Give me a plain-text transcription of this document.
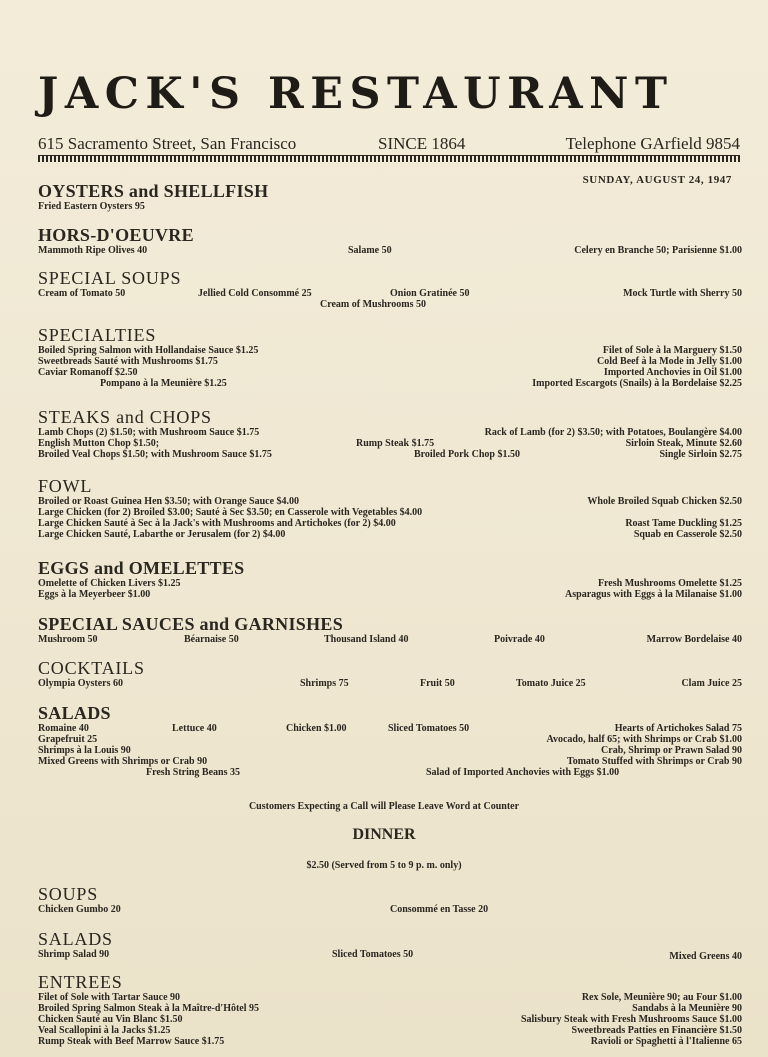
JACK'S RESTAURANT
615 Sacramento Street, San Francisco	SINCE 1864	Telephone GArfield 9854
SUNDAY, AUGUST 24, 1947
OYSTERS and SHELLFISH
Fried Eastern Oysters 95
HORS-D'OEUVRE
Mammoth Ripe Olives 40	Salame 50	Celery en Branche 50; Parisienne $1.00
SPECIAL SOUPS
Cream of Tomato 50	Jellied Cold Consommé 25	Onion Gratinée 50	Mock Turtle with Sherry 50
Cream of Mushrooms 50
SPECIALTIES
Boiled Spring Salmon with Hollandaise Sauce $1.25	Filet of Sole à la Marguery $1.50
Sweetbreads Sauté with Mushrooms $1.75	Cold Beef à la Mode in Jelly $1.00
Caviar Romanoff $2.50	Imported Anchovies in Oil $1.00
Pompano à la Meunière $1.25	Imported Escargots (Snails) à la Bordelaise $2.25
STEAKS and CHOPS
Lamb Chops (2) $1.50; with Mushroom Sauce $1.75	Rack of Lamb (for 2) $3.50; with Potatoes, Boulangère $4.00
English Mutton Chop $1.50;	Rump Steak $1.75	Sirloin Steak, Minute $2.60
Broiled Veal Chops $1.50; with Mushroom Sauce $1.75	Broiled Pork Chop $1.50	Single Sirloin $2.75
FOWL
Broiled or Roast Guinea Hen $3.50; with Orange Sauce $4.00	Whole Broiled Squab Chicken $2.50
Large Chicken (for 2) Broiled $3.00; Sauté à Sec $3.50; en Casserole with Vegetables $4.00
Large Chicken Sauté à Sec à la Jack's with Mushrooms and Artichokes (for 2) $4.00	Roast Tame Duckling $1.25
Large Chicken Sauté, Labarthe or Jerusalem (for 2) $4.00	Squab en Casserole $2.50
EGGS and OMELETTES
Omelette of Chicken Livers $1.25	Fresh Mushrooms Omelette $1.25
Eggs à la Meyerbeer $1.00	Asparagus with Eggs à la Milanaise $1.00
SPECIAL SAUCES and GARNISHES
Mushroom 50	Béarnaise 50	Thousand Island 40	Poivrade 40	Marrow Bordelaise 40
COCKTAILS
Olympia Oysters 60	Shrimps 75	Fruit 50	Tomato Juice 25	Clam Juice 25
SALADS
Romaine 40	Lettuce 40	Chicken $1.00	Sliced Tomatoes 50	Hearts of Artichokes Salad 75
Grapefruit 25	Avocado, half 65; with Shrimps or Crab $1.00
Shrimps à la Louis 90	Crab, Shrimp or Prawn Salad 90
Mixed Greens with Shrimps or Crab 90	Tomato Stuffed with Shrimps or Crab 90
Fresh String Beans 35	Salad of Imported Anchovies with Eggs $1.00
Customers Expecting a Call will Please Leave Word at Counter
DINNER
$2.50 (Served from 5 to 9 p. m. only)
SOUPS
Chicken Gumbo 20	Consommé en Tasse 20
SALADS
Shrimp Salad 90	Sliced Tomatoes 50	Mixed Greens 40
ENTREES
Filet of Sole with Tartar Sauce 90	Rex Sole, Meunière 90; au Four $1.00
Broiled Spring Salmon Steak à la Maître-d'Hôtel 95	Sandabs à la Meunière 90
Chicken Sauté au Vin Blanc $1.50	Salisbury Steak with Fresh Mushrooms Sauce $1.00
Veal Scallopini à la Jacks $1.25	Sweetbreads Patties en Financière $1.50
Rump Steak with Beef Marrow Sauce $1.75	Ravioli or Spaghetti à l'Italienne 65
